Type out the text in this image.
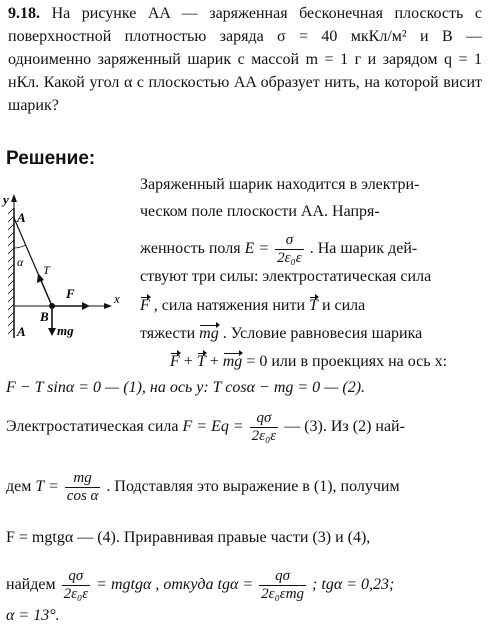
9.18. На рисунке AA — заряженная бесконечная плоскость с поверхностной плотностью заряда σ = 40 мкКл/м² и B — одноименно заряженный шарик с массой m = 1 г и зарядом q = 1 нКл. Какой угол α с плоскостью AA образует нить, на которой висит шарик?
Решение:
y
x
A
α
T
F
B
mg
A
Заряженный шарик находится в электри-
ческом поле плоскости AA. Напря-
женность поля $E = \frac{\sigma}{\text{2ε₀ε}}$ . На шарик дей-
ствуют три силы: электростатическая сила
F , сила натяжения нити T и сила
тяжести mg . Условие равновесия шарика
F + T + mg = 0 или в проекциях на ось x:
F − T sinα = 0 — (1), на ось y: T cosα − mg = 0 — (2).
Электростатическая сила $F = Eq = \frac{q\sigma}{\text{2ε₀ε}}$ — (3). Из (2) най-
дем $T = \frac{mg}{\text{cos α}}$ . Подставляя это выражение в (1), получим
F = mgtgα — (4). Приравнивая правые части (3) и (4),
найдем $\frac{q\sigma}{\text{2ε₀ε}}$ = mgtgα , откуда tgα =
qσ
2ε₀εmg
; tgα = 0,23;
α = 13°.
